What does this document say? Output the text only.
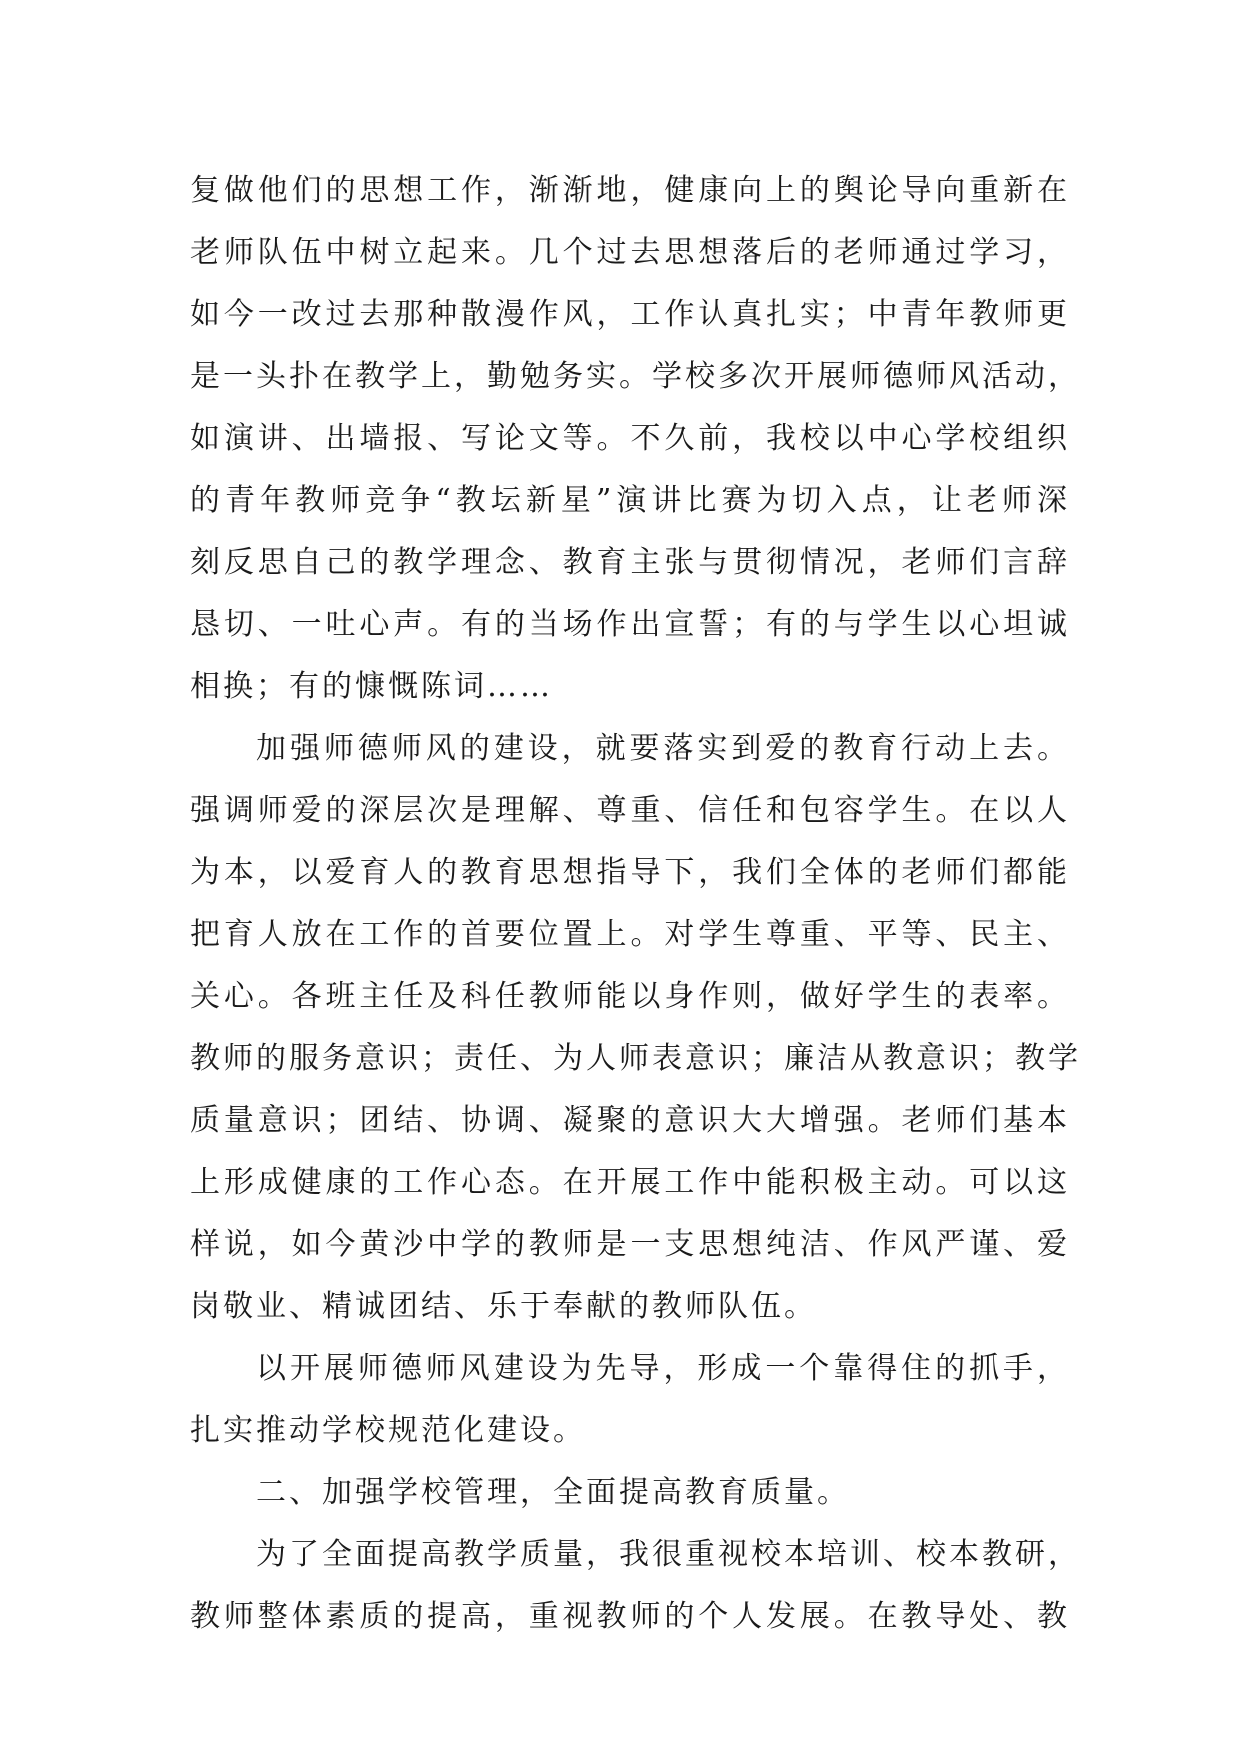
复做他们的思想工作，渐渐地，健康向上的舆论导向重新在
老师队伍中树立起来。几个过去思想落后的老师通过学习，
如今一改过去那种散漫作风，工作认真扎实；中青年教师更
是一头扑在教学上，勤勉务实。学校多次开展师德师风活动，
如演讲、出墙报、写论文等。不久前，我校以中心学校组织
的青年教师竞争“教坛新星”演讲比赛为切入点，让老师深
刻反思自己的教学理念、教育主张与贯彻情况，老师们言辞
恳切、一吐心声。有的当场作出宣誓；有的与学生以心坦诚
相换；有的慷慨陈词……
加强师德师风的建设，就要落实到爱的教育行动上去。
强调师爱的深层次是理解、尊重、信任和包容学生。在以人
为本，以爱育人的教育思想指导下，我们全体的老师们都能
把育人放在工作的首要位置上。对学生尊重、平等、民主、
关心。各班主任及科任教师能以身作则，做好学生的表率。
教师的服务意识；责任、为人师表意识；廉洁从教意识；教学
质量意识；团结、协调、凝聚的意识大大增强。老师们基本
上形成健康的工作心态。在开展工作中能积极主动。可以这
样说，如今黄沙中学的教师是一支思想纯洁、作风严谨、爱
岗敬业、精诚团结、乐于奉献的教师队伍。
以开展师德师风建设为先导，形成一个靠得住的抓手，
扎实推动学校规范化建设。
二、加强学校管理，全面提高教育质量。
为了全面提高教学质量，我很重视校本培训、校本教研，
教师整体素质的提高，重视教师的个人发展。在教导处、教
